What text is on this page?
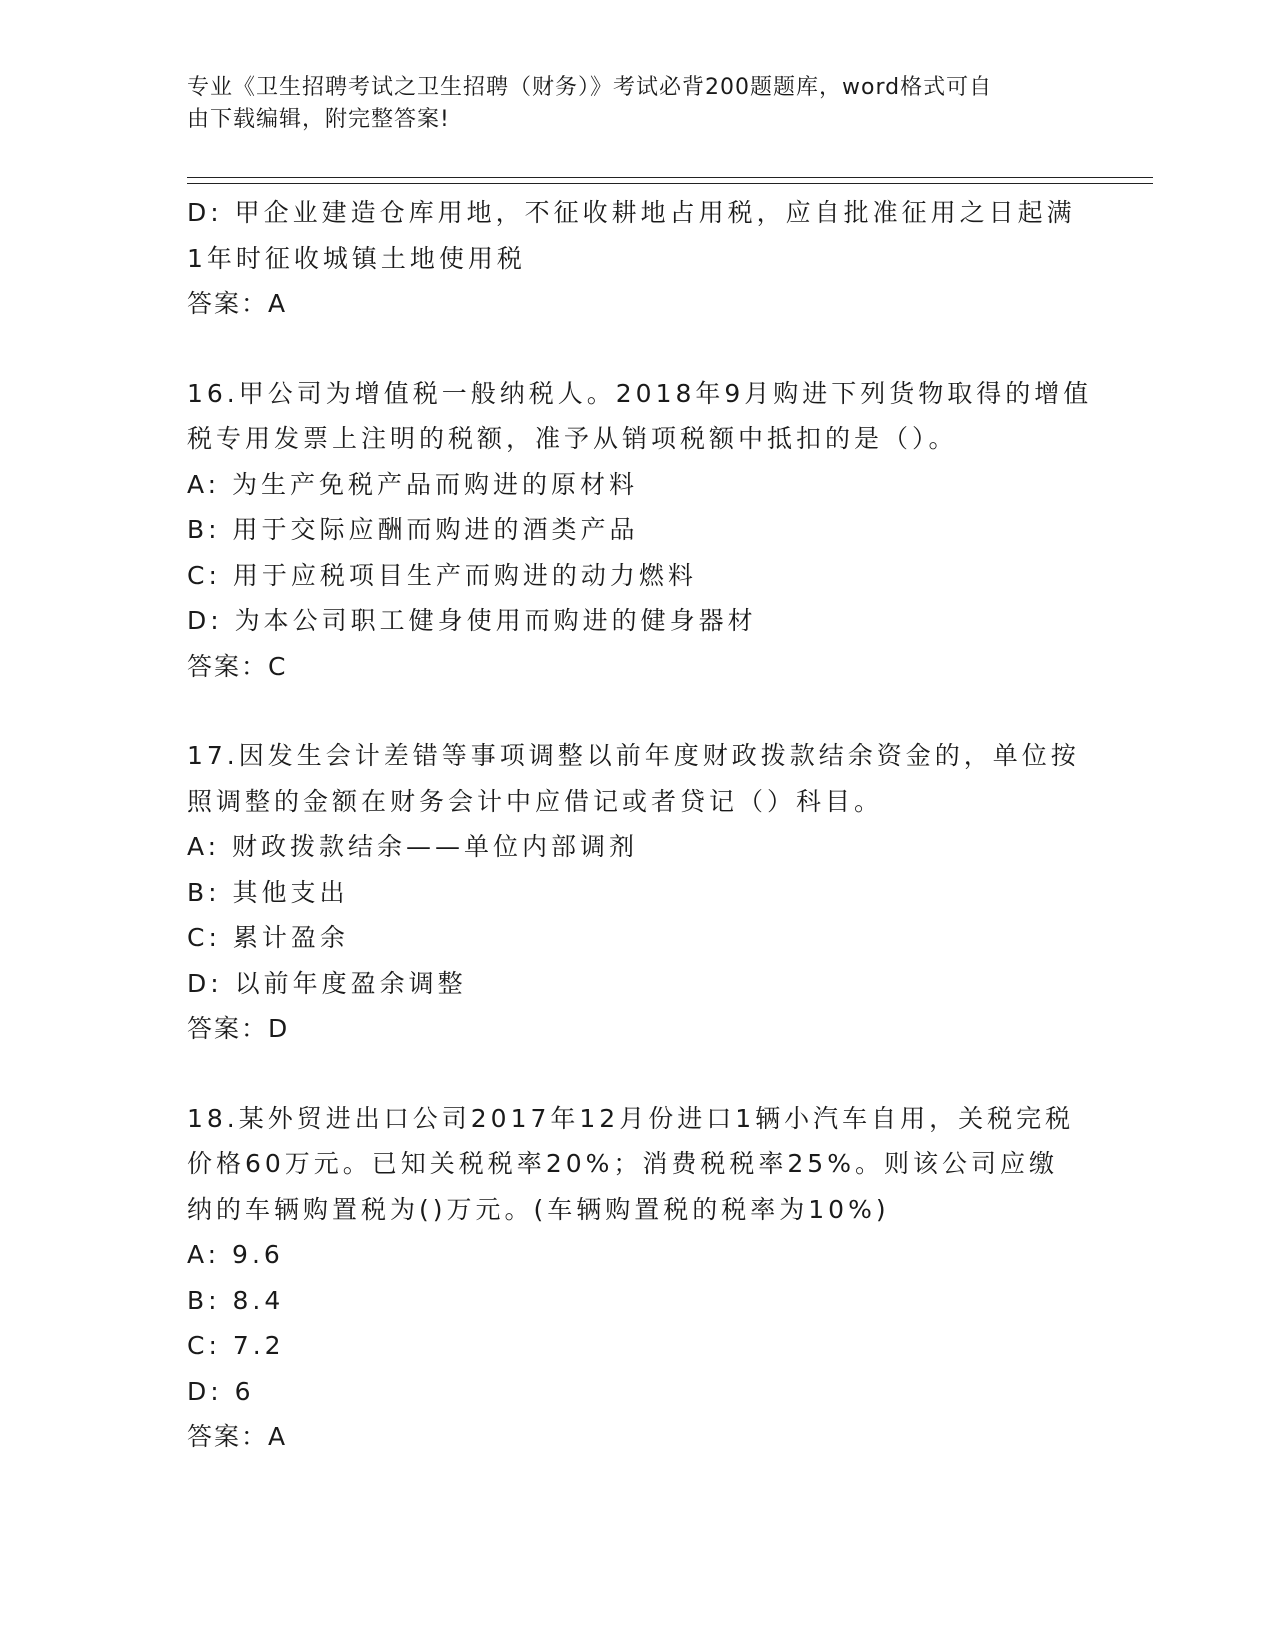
专业《卫生招聘考试之卫生招聘（财务）》考试必背200题题库，word格式可自
由下载编辑，附完整答案!
D: 甲企业建造仓库用地，不征收耕地占用税，应自批准征用之日起满
1年时征收城镇土地使用税
答案：A
16.甲公司为增值税一般纳税人。2018年9月购进下列货物取得的增值
税专用发票上注明的税额，准予从销项税额中抵扣的是（）。
A: 为生产免税产品而购进的原材料
B: 用于交际应酬而购进的酒类产品
C: 用于应税项目生产而购进的动力燃料
D: 为本公司职工健身使用而购进的健身器材
答案：C
17.因发生会计差错等事项调整以前年度财政拨款结余资金的，单位按
照调整的金额在财务会计中应借记或者贷记（）科目。
A: 财政拨款结余——单位内部调剂
B: 其他支出
C: 累计盈余
D: 以前年度盈余调整
答案：D
18.某外贸进出口公司2017年12月份进口1辆小汽车自用，关税完税
价格60万元。已知关税税率20%；消费税税率25%。则该公司应缴
纳的车辆购置税为()万元。(车辆购置税的税率为10%)
A: 9.6
B: 8.4
C: 7.2
D: 6
答案：A
